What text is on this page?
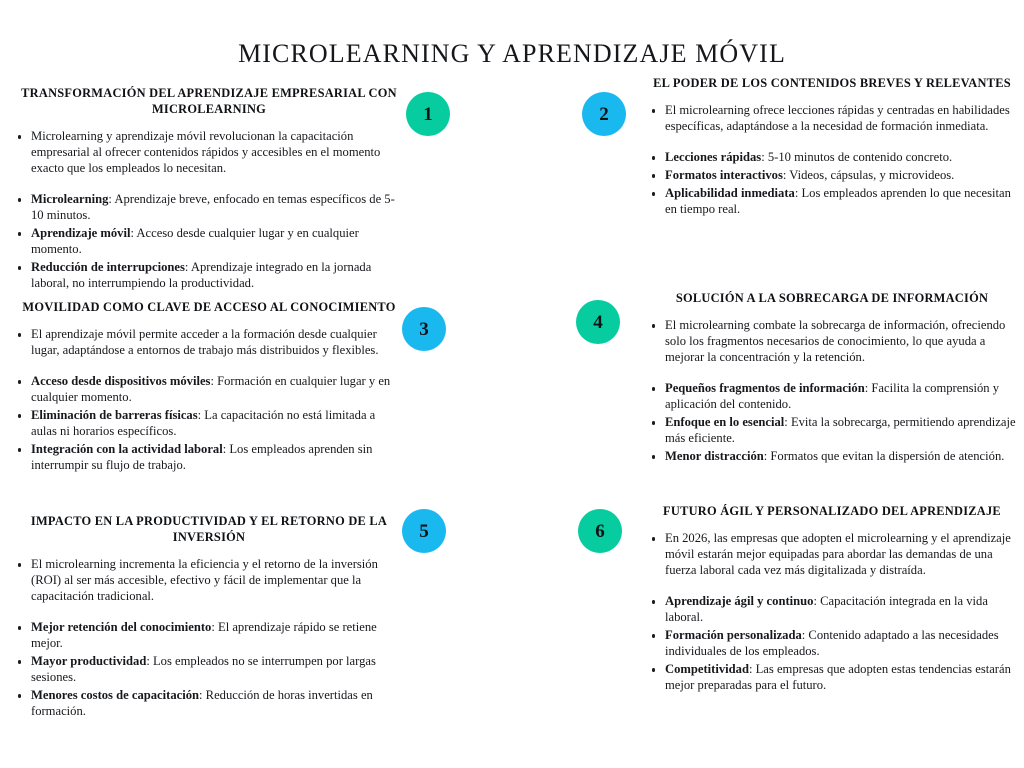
MICROLEARNING Y APRENDIZAJE MÓVIL
TRANSFORMACIÓN DEL APRENDIZAJE EMPRESARIAL CON MICROLEARNING
Microlearning y aprendizaje móvil revolucionan la capacitación empresarial al ofrecer contenidos rápidos y accesibles en el momento exacto que los empleados lo necesitan.
Microlearning: Aprendizaje breve, enfocado en temas específicos de 5-10 minutos.
Aprendizaje móvil: Acceso desde cualquier lugar y en cualquier momento.
Reducción de interrupciones: Aprendizaje integrado en la jornada laboral, no interrumpiendo la productividad.
EL PODER DE LOS CONTENIDOS BREVES Y RELEVANTES
El microlearning ofrece lecciones rápidas y centradas en habilidades específicas, adaptándose a la necesidad de formación inmediata.
Lecciones rápidas: 5-10 minutos de contenido concreto.
Formatos interactivos: Videos, cápsulas, y microvideos.
Aplicabilidad inmediata: Los empleados aprenden lo que necesitan en tiempo real.
MOVILIDAD COMO CLAVE DE ACCESO AL CONOCIMIENTO
El aprendizaje móvil permite acceder a la formación desde cualquier lugar, adaptándose a entornos de trabajo más distribuidos y flexibles.
Acceso desde dispositivos móviles: Formación en cualquier lugar y en cualquier momento.
Eliminación de barreras físicas: La capacitación no está limitada a aulas ni horarios específicos.
Integración con la actividad laboral: Los empleados aprenden sin interrumpir su flujo de trabajo.
SOLUCIÓN A LA SOBRECARGA DE INFORMACIÓN
El microlearning combate la sobrecarga de información, ofreciendo solo los fragmentos necesarios de conocimiento, lo que ayuda a mejorar la concentración y la retención.
Pequeños fragmentos de información: Facilita la comprensión y aplicación del contenido.
Enfoque en lo esencial: Evita la sobrecarga, permitiendo aprendizaje más eficiente.
Menor distracción: Formatos que evitan la dispersión de atención.
IMPACTO EN LA PRODUCTIVIDAD Y EL RETORNO DE LA INVERSIÓN
El microlearning incrementa la eficiencia y el retorno de la inversión (ROI) al ser más accesible, efectivo y fácil de implementar que la capacitación tradicional.
Mejor retención del conocimiento: El aprendizaje rápido se retiene mejor.
Mayor productividad: Los empleados no se interrumpen por largas sesiones.
Menores costos de capacitación: Reducción de horas invertidas en formación.
FUTURO ÁGIL Y PERSONALIZADO DEL APRENDIZAJE
En 2026, las empresas que adopten el microlearning y el aprendizaje móvil estarán mejor equipadas para abordar las demandas de una fuerza laboral cada vez más digitalizada y distraída.
Aprendizaje ágil y continuo: Capacitación integrada en la vida laboral.
Formación personalizada: Contenido adaptado a las necesidades individuales de los empleados.
Competitividad: Las empresas que adopten estas tendencias estarán mejor preparadas para el futuro.
1	2
3	4
5	6
